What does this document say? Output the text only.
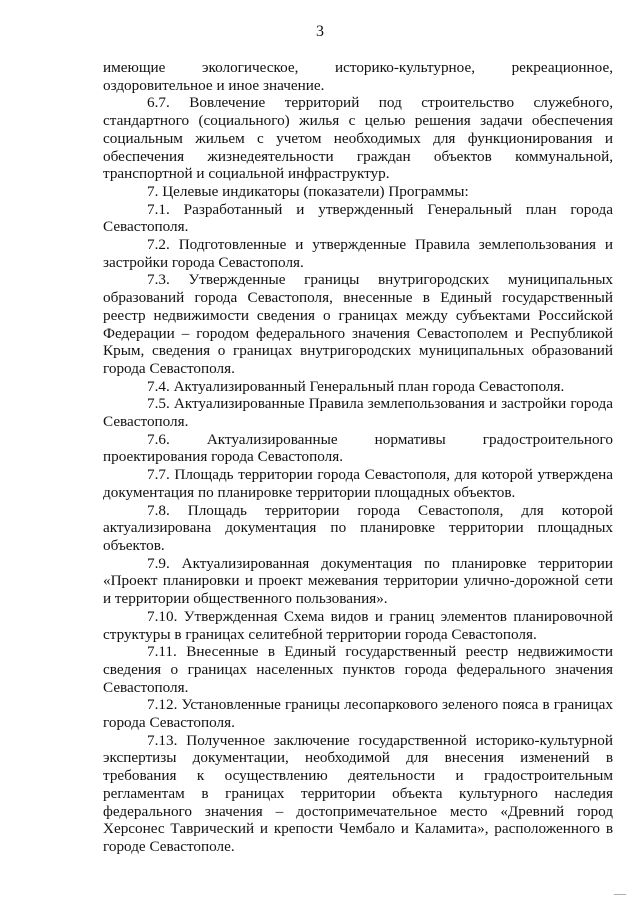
3

имеющие экологическое, историко-культурное, рекреационное, оздоровительное и иное значение.

6.7. Вовлечение территорий под строительство служебного, стандартного (социального) жилья с целью решения задачи обеспечения социальным жильем с учетом необходимых для функционирования и обеспечения жизнедеятельности граждан объектов коммунальной, транспортной и социальной инфраструктур.

7. Целевые индикаторы (показатели) Программы:

7.1. Разработанный и утвержденный Генеральный план города Севастополя.

7.2. Подготовленные и утвержденные Правила землепользования и застройки города Севастополя.

7.3. Утвержденные границы внутригородских муниципальных образований города Севастополя, внесенные в Единый государственный реестр недвижимости сведения о границах между субъектами Российской Федерации – городом федерального значения Севастополем и Республикой Крым, сведения о границах внутригородских муниципальных образований города Севастополя.

7.4. Актуализированный Генеральный план города Севастополя.

7.5. Актуализированные Правила землепользования и застройки города Севастополя.

7.6. Актуализированные нормативы градостроительного проектирования города Севастополя.

7.7. Площадь территории города Севастополя, для которой утверждена документация по планировке территории площадных объектов.

7.8. Площадь территории города Севастополя, для которой актуализирована документация по планировке территории площадных объектов.

7.9. Актуализированная документация по планировке территории «Проект планировки и проект межевания территории улично-дорожной сети и территории общественного пользования».

7.10. Утвержденная Схема видов и границ элементов планировочной структуры в границах селитебной территории города Севастополя.

7.11. Внесенные в Единый государственный реестр недвижимости сведения о границах населенных пунктов города федерального значения Севастополя.

7.12. Установленные границы лесопаркового зеленого пояса в границах города Севастополя.

7.13. Полученное заключение государственной историко-культурной экспертизы документации, необходимой для внесения изменений в требования к осуществлению деятельности и градостроительным регламентам в границах территории объекта культурного наследия федерального значения – достопримечательное место «Древний город Херсонес Таврический и крепости Чембало и Каламита», расположенного в городе Севастополе.

—
